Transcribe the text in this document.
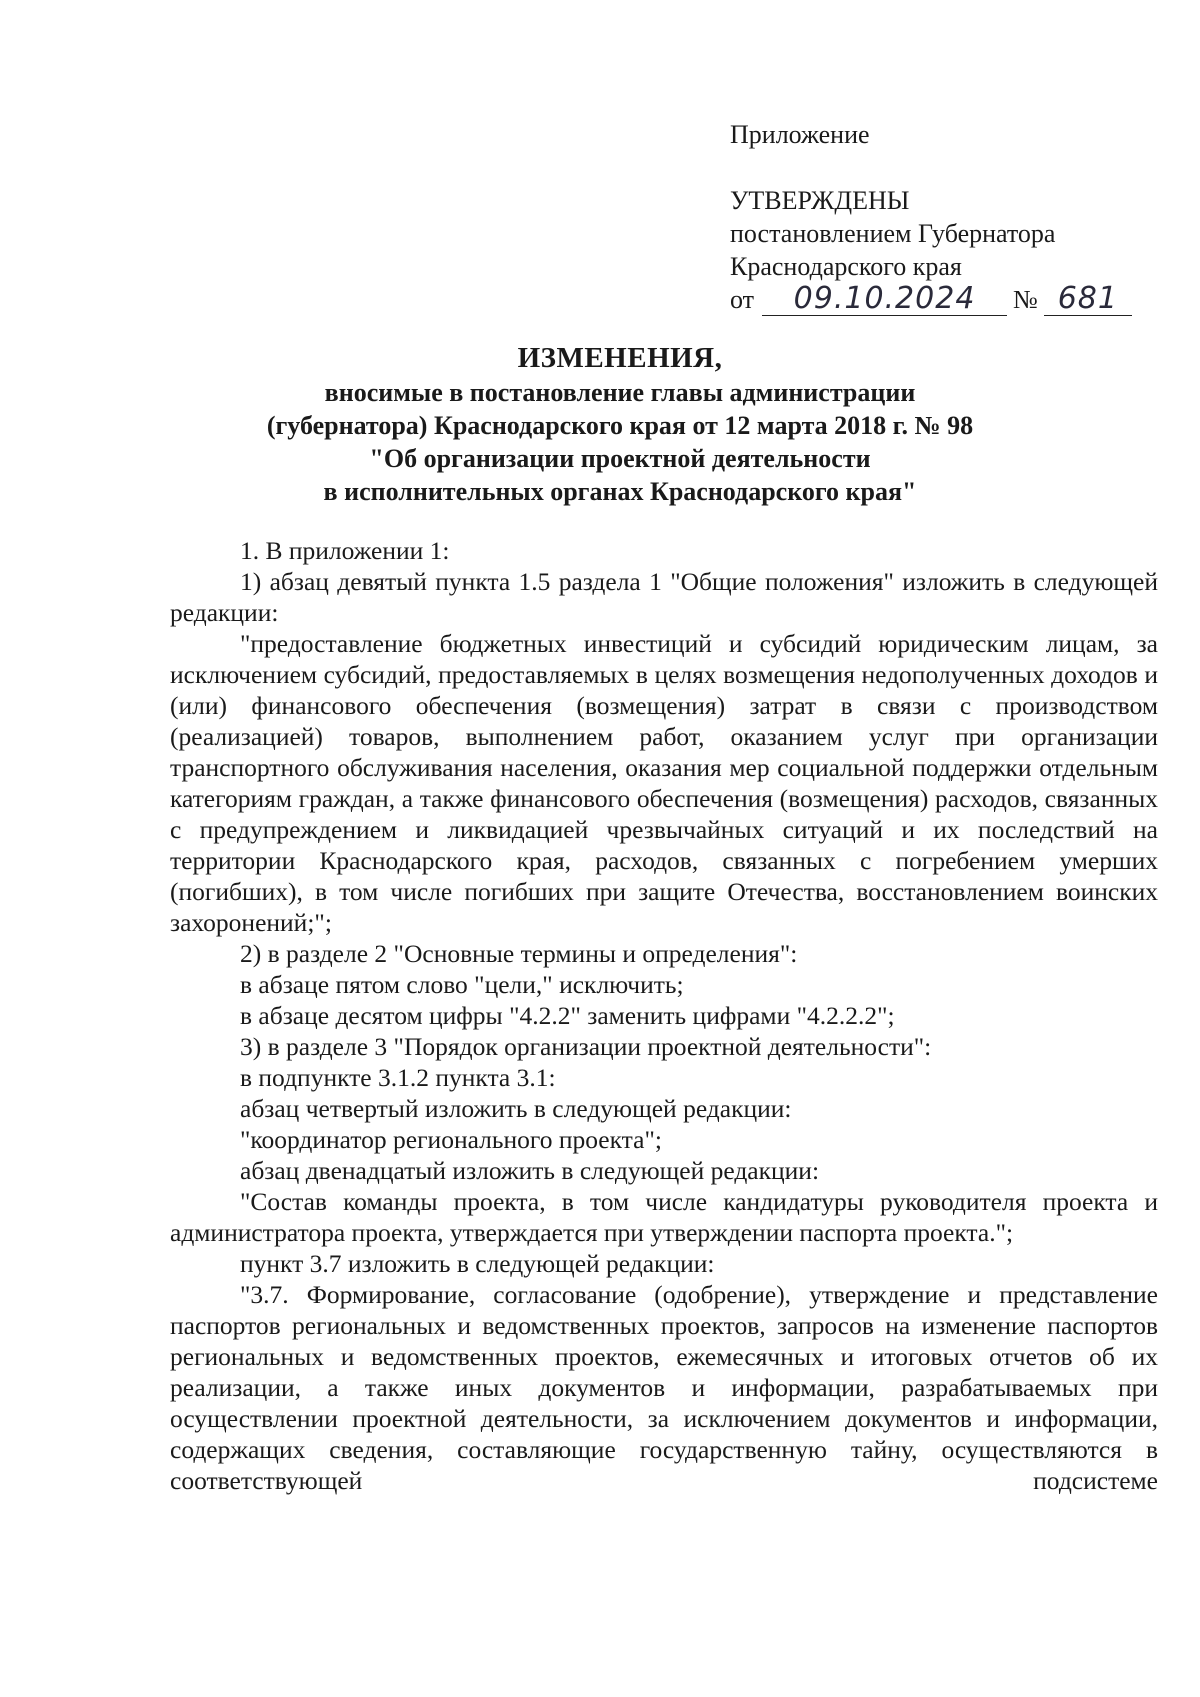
Приложение
УТВЕРЖДЕНЫ
постановлением Губернатора
Краснодарского края
от	09.10.2024	№ 681
ИЗМЕНЕНИЯ,
вносимые в постановление главы администрации
(губернатора) Краснодарского края от 12 марта 2018 г. № 98
"Об организации проектной деятельности
в исполнительных органах Краснодарского края"

1. В приложении 1:

1) абзац девятый пункта 1.5 раздела 1 "Общие положения" изложить в следующей редакции:

"предоставление бюджетных инвестиций и субсидий юридическим лицам, за исключением субсидий, предоставляемых в целях возмещения недополученных доходов и (или) финансового обеспечения (возмещения) затрат в связи с производством (реализацией) товаров, выполнением работ, оказанием услуг при организации транспортного обслуживания населения, оказания мер социальной поддержки отдельным категориям граждан, а также финансового обеспечения (возмещения) расходов, связанных с предупреждением и ликвидацией чрезвычайных ситуаций и их последствий на территории Краснодарского края, расходов, связанных с погребением умерших (погибших), в том числе погибших при защите Отечества, восстановлением воинских захоронений;";

2) в разделе 2 "Основные термины и определения":

в абзаце пятом слово "цели," исключить;

в абзаце десятом цифры "4.2.2" заменить цифрами "4.2.2.2";

3) в разделе 3 "Порядок организации проектной деятельности":

в подпункте 3.1.2 пункта 3.1:

абзац четвертый изложить в следующей редакции:

"координатор регионального проекта";

абзац двенадцатый изложить в следующей редакции:

"Состав команды проекта, в том числе кандидатуры руководителя проекта и администратора проекта, утверждается при утверждении паспорта проекта.";

пункт 3.7 изложить в следующей редакции:

"3.7. Формирование, согласование (одобрение), утверждение и представление паспортов региональных и ведомственных проектов, запросов на изменение паспортов региональных и ведомственных проектов, ежемесячных и итоговых отчетов об их реализации, а также иных документов и информации, разрабатываемых при осуществлении проектной деятельности, за исключением документов и информации, содержащих сведения, составляющие государственную тайну, осуществляются в соответствующей подсистеме
